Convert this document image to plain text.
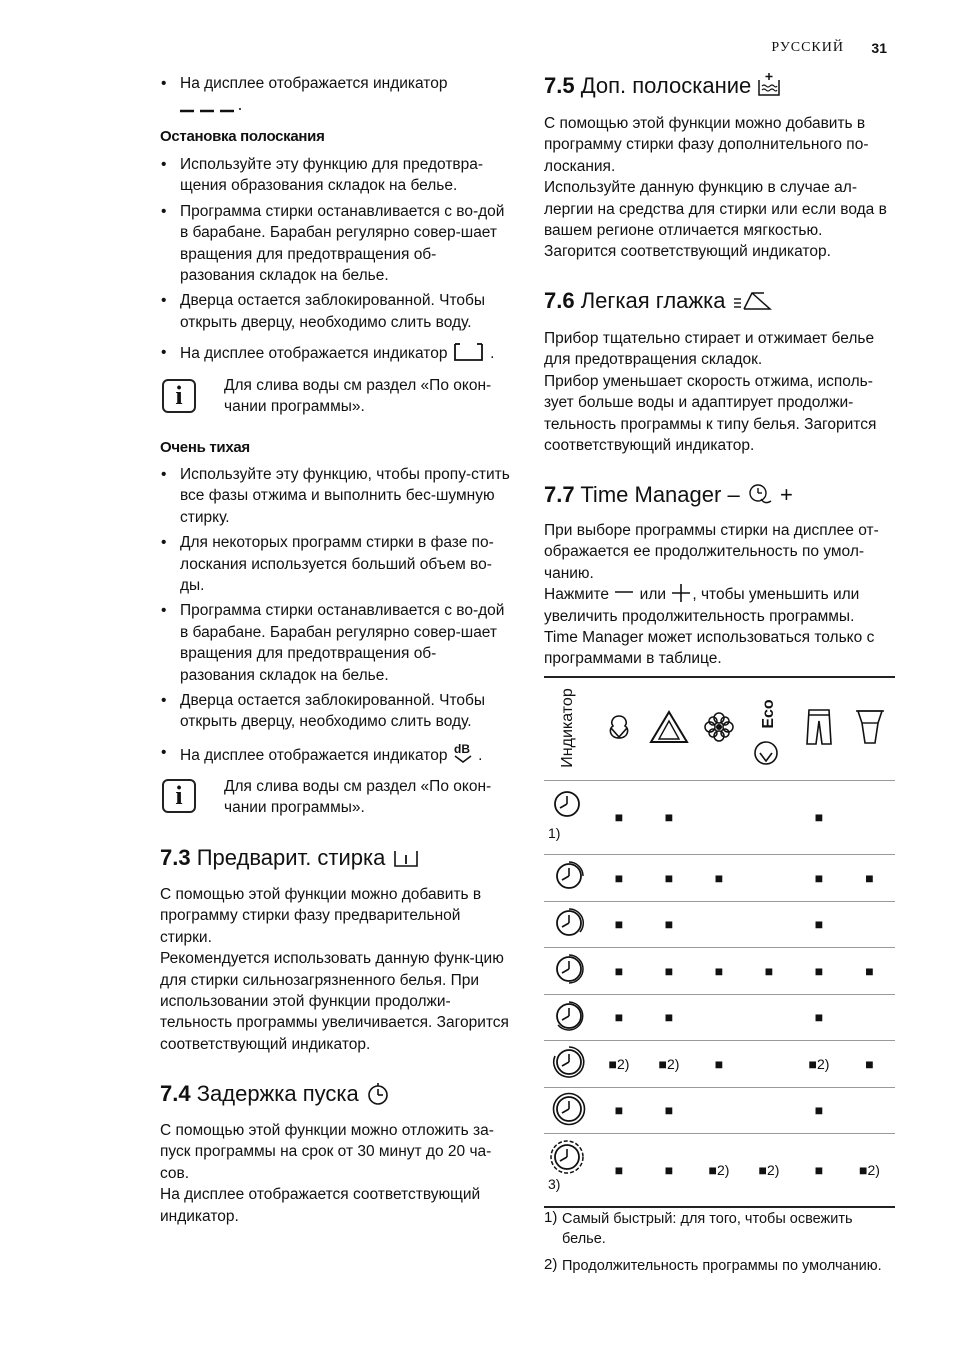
РУССКИЙ 31
• На дисплее отображается индикатор
Остановка полоскания
• Используйте эту функцию для предотвра-щения образования складок на белье.
• Программа стирки останавливается с во-дой в барабане. Барабан регулярно совер-шает вращения для предотвращения об-разования складок на белье.
• Дверца остается заблокированной. Чтобы открыть дверцу, необходимо слить воду.
• На дисплее отображается индикатор  .
i	Для слива воды см раздел «По окон-чании программы».
Очень тихая
• Используйте эту функцию, чтобы пропу-стить все фазы отжима и выполнить бес-шумную стирку.
• Для некоторых программ стирки в фазе по-лоскания используется больший объем во-ды.
• Программа стирки останавливается с во-дой в барабане. Барабан регулярно совер-шает вращения для предотвращения об-разования складок на белье.
• Дверца остается заблокированной. Чтобы открыть дверцу, необходимо слить воду.
• На дисплее отображается индикатор dB .
i	Для слива воды см раздел «По окон-чании программы».
7.3 Предварит. стирка

С помощью этой функции можно добавить в программу стирки фазу предварительной стирки.

Рекомендуется использовать данную функ-цию для стирки сильнозагрязненного белья. При использовании этой функции продолжи-тельность программы увеличивается. Загорится соответствующий индикатор.

7.4 Задержка пуска

С помощью этой функции можно отложить за-пуск программы на срок от 30 минут до 20 ча-сов.

На дисплее отображается соответствующий индикатор.

7.5 Доп. полоскание

С помощью этой функции можно добавить в программу стирки фазу дополнительного по-лоскания.

Используйте данную функцию в случае ал-лергии на средства для стирки или если вода в вашем регионе отличается мягкостью. Загорится соответствующий индикатор.

7.6 Легкая глажка

Прибор тщательно стирает и отжимает белье для предотвращения складок.

Прибор уменьшает скорость отжима, исполь-зует больше воды и адаптирует продолжи-тельность программы к типу белья. Загорится соответствующий индикатор.

7.7 Time Manager – +

При выборе программы стирки на дисплее от-ображается ее продолжительность по умол-чанию.

Нажмите или , чтобы уменьшить или увеличить продолжительность программы.

Time Manager может использоваться только с программами в таблице.

Индикатор				Eco

1)	■	■			■	
	■	■	■		■	■
	■	■			■	
	■	■	■	■	■	■
	■	■			■	
	■2)	■2)	■		■2)	■
	■	■			■	

3)	■	■	■2)	■2)	■	■2)
1) Самый быстрый: для того, чтобы освежить белье.
2) Продолжительность программы по умолчанию.
